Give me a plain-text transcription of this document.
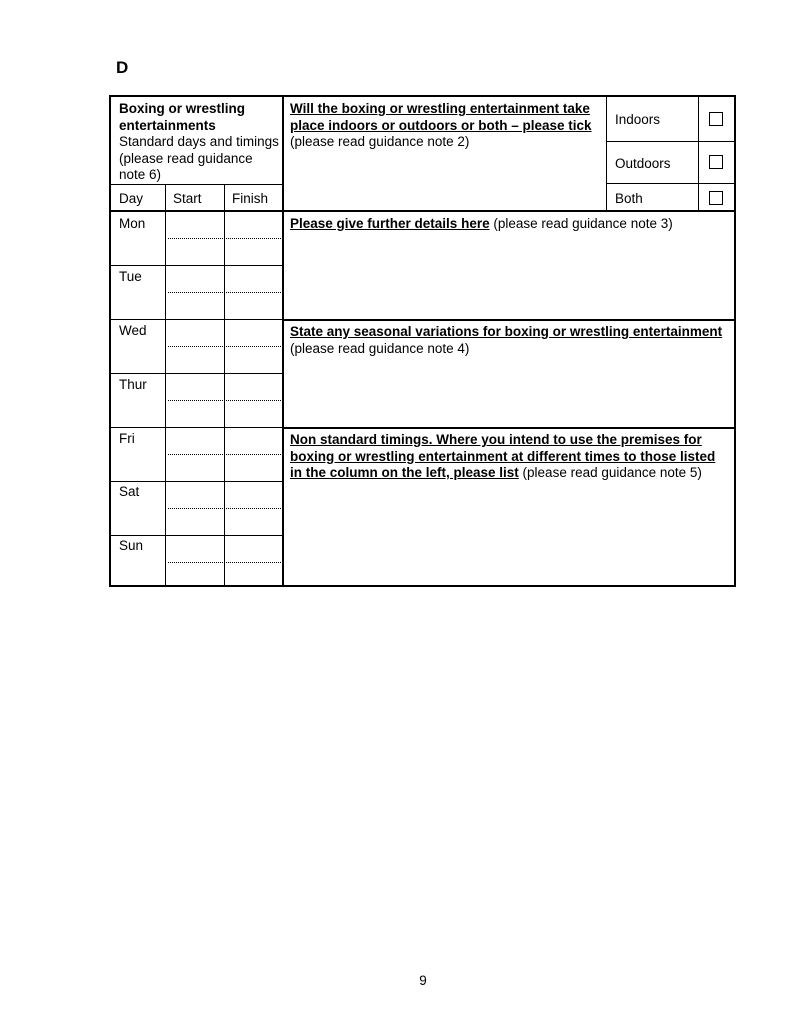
D
Boxing or wrestling entertainments
Standard days and timings (please read guidance note 6)
Day Start Finish
Mon
Tue
Wed
Thur
Fri
Sat
Sun
Will the boxing or wrestling entertainment take place indoors or outdoors or both – please tick (please read guidance note 2)
Indoors
Outdoors
Both
Please give further details here (please read guidance note 3)
State any seasonal variations for boxing or wrestling entertainment (please read guidance note 4)
Non standard timings. Where you intend to use the premises for boxing or wrestling entertainment at different times to those listed in the column on the left, please list (please read guidance note 5)
9
